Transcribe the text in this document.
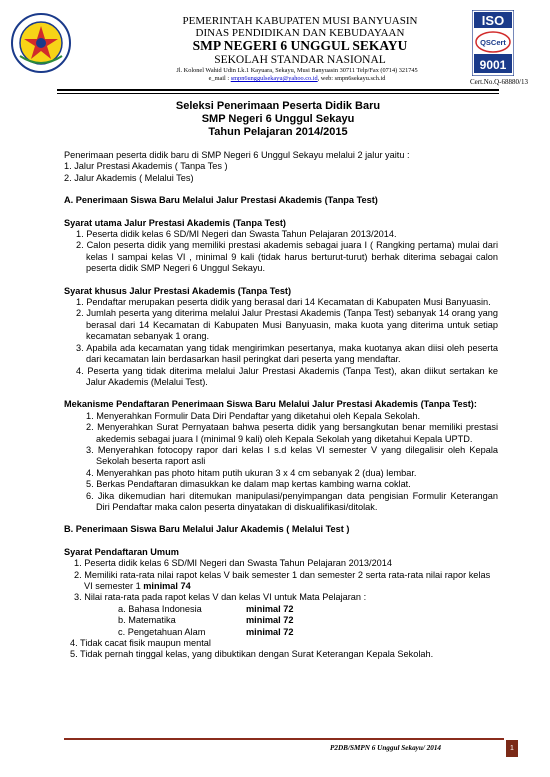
ISO
QSCert
9001
PEMERINTAH KABUPATEN MUSI BANYUASIN
DINAS PENDIDIKAN DAN KEBUDAYAAN
SMP NEGERI 6 UNGGUL SEKAYU
SEKOLAH STANDAR NASIONAL
Jl. Kolonel Wahid Udin Lk.1 Kayuara, Sekayu, Musi Banyuasin 30711 Telp/Fax (0714) 321745
e_mail : smpn6unggulsekayu@yahoo.co.id, web: smpn6sekayu.sch.id	Cert.No.Q-68880/13
Seleksi Penerimaan Peserta Didik Baru
SMP Negeri 6 Unggul Sekayu
Tahun Pelajaran 2014/2015

Penerimaan peserta didik baru di SMP Negeri 6 Unggul Sekayu melalui 2 jalur yaitu :

1. Jalur Prestasi Akademis ( Tanpa Tes )

2. Jalur Akademis ( Melalui Tes)

A. Penerimaan Siswa Baru Melalui Jalur Prestasi Akademis (Tanpa Test)

Syarat utama Jalur Prestasi Akademis (Tanpa Test)

1. Peserta didik kelas 6 SD/MI Negeri dan Swasta Tahun Pelajaran 2013/2014.

2. Calon peserta didik yang memiliki prestasi akademis sebagai juara I ( Rangking pertama) mulai dari kelas I sampai kelas VI , minimal 9 kali (tidak harus berturut-turut) berhak diterima sebagai calon peserta didik SMP Negeri 6 Unggul Sekayu.

Syarat khusus Jalur Prestasi Akademis (Tanpa Test)

1. Pendaftar merupakan peserta didik yang berasal dari 14 Kecamatan di Kabupaten Musi Banyuasin.

2. Jumlah peserta yang diterima melalui Jalur Prestasi Akademis (Tanpa Test) sebanyak 14 orang yang berasal dari 14 Kecamatan di Kabupaten Musi Banyuasin, maka kuota yang diterima untuk setiap kecamatan sebanyak 1 orang.

3. Apabila ada kecamatan yang tidak mengirimkan pesertanya, maka kuotanya akan diisi oleh peserta dari kecamatan lain berdasarkan hasil peringkat dari peserta yang mendaftar.

4. Peserta yang tidak diterima melalui Jalur Prestasi Akademis (Tanpa Test), akan diikut sertakan ke Jalur Akademis (Melalui Test).

Mekanisme Pendaftaran Penerimaan Siswa Baru Melalui Jalur Prestasi Akademis (Tanpa Test):

1. Menyerahkan Formulir Data Diri Pendaftar yang diketahui oleh Kepala Sekolah.

2. Menyerahkan Surat Pernyataan bahwa peserta didik yang bersangkutan benar memiliki prestasi akedemis sebagai juara I (minimal 9 kali) oleh Kepala Sekolah yang diketahui Kepala UPTD.

3. Menyerahkan fotocopy rapor dari kelas I s.d kelas VI semester V yang dilegalisir oleh Kepala Sekolah beserta raport asli

4. Menyerahkan pas photo hitam putih ukuran 3 x 4 cm sebanyak 2 (dua) lembar.

5. Berkas Pendaftaran dimasukkan ke dalam map kertas kambing warna coklat.

6. Jika dikemudian hari ditemukan manipulasi/penyimpangan data pengisian Formulir Keterangan Diri Pendaftar maka calon peserta dinyatakan di diskualifikasi/ditolak.

B. Penerimaan Siswa Baru Melalui Jalur Akademis ( Melalui Test )

Syarat Pendaftaran Umum

1. Peserta didik kelas 6 SD/MI Negeri dan Swasta Tahun Pelajaran 2013/2014

2. Memiliki rata-rata nilai rapot kelas V baik semester 1 dan semester 2 serta rata-rata nilai rapor kelas VI semester 1 minimal 74

3. Nilai rata-rata pada rapot kelas V dan kelas VI untuk Mata Pelajaran :

a. Bahasa Indonesia	minimal 72

b. Matematika	minimal 72

c. Pengetahuan Alam	minimal 72

4. Tidak cacat fisik maupun mental

5. Tidak pernah tinggal kelas, yang dibuktikan dengan Surat Keterangan Kepala Sekolah.

P2DB/SMPN 6 Unggul Sekayu/ 2014	1
